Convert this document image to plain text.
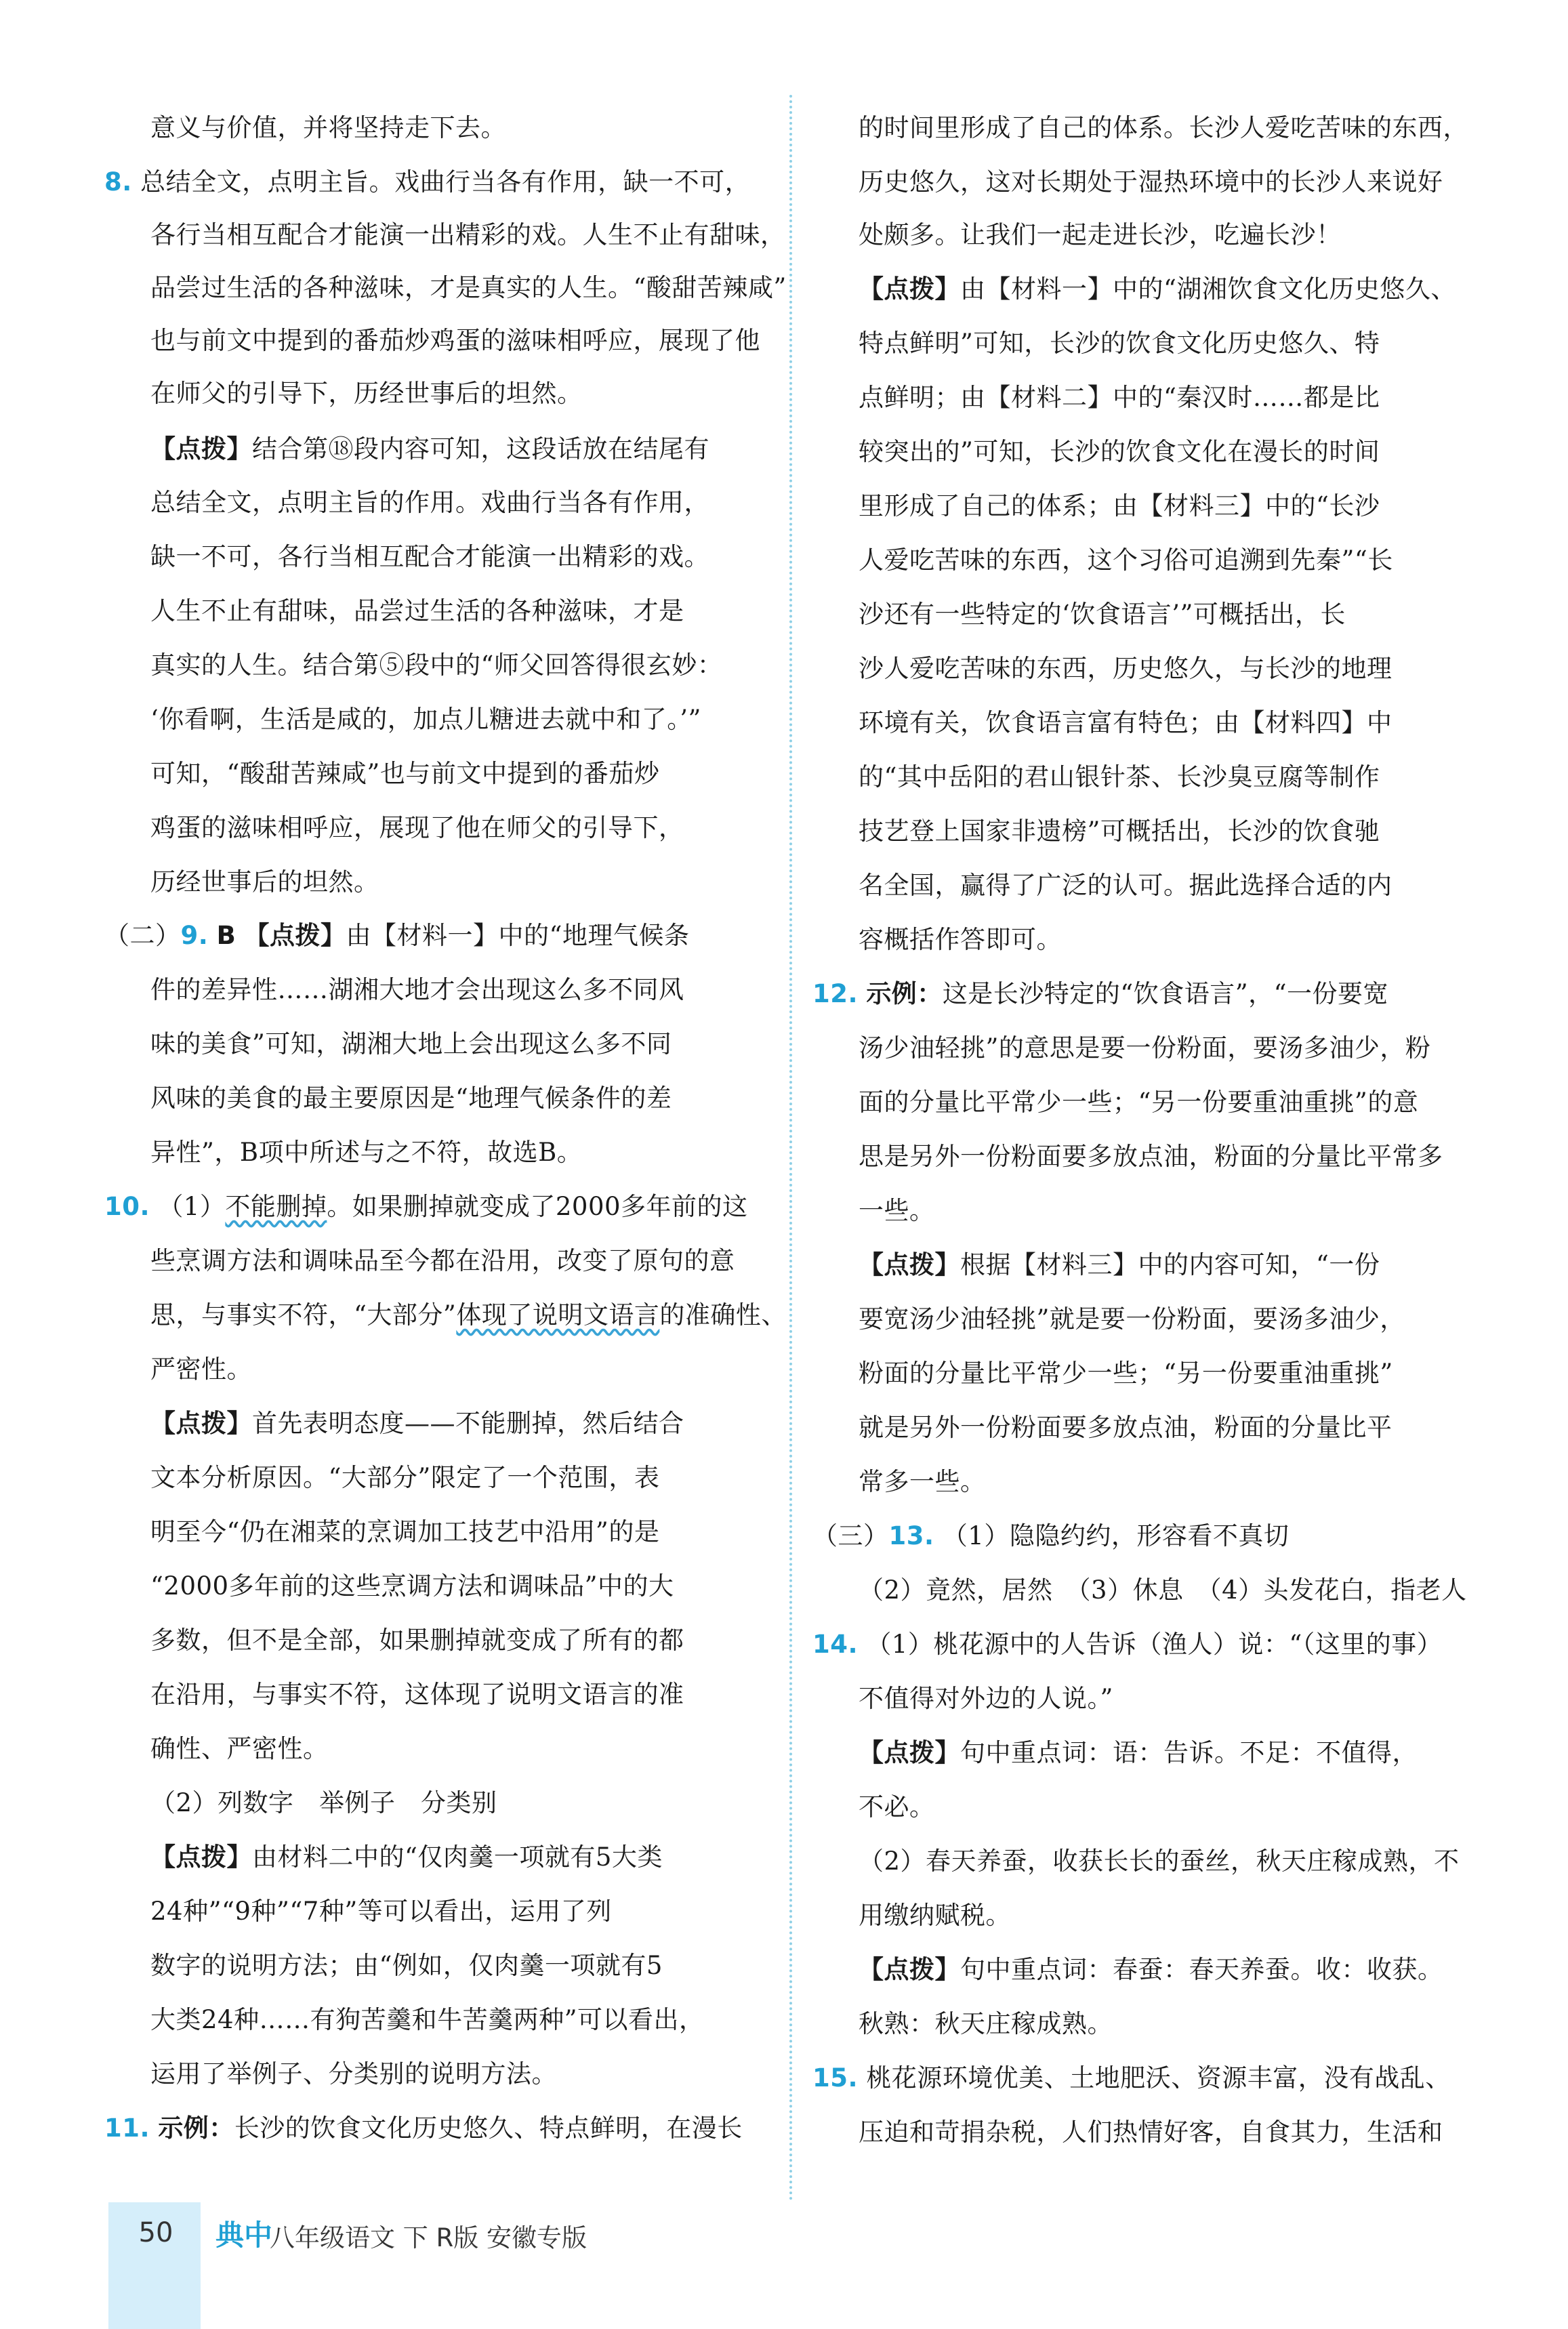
意义与价值，并将坚持走下去。
8. 总结全文，点明主旨。戏曲行当各有作用，缺一不可，
各行当相互配合才能演一出精彩的戏。人生不止有甜味，
品尝过生活的各种滋味，才是真实的人生。“酸甜苦辣咸”
也与前文中提到的番茄炒鸡蛋的滋味相呼应，展现了他
在师父的引导下，历经世事后的坦然。
【点拨】结合第⑱段内容可知，这段话放在结尾有
总结全文，点明主旨的作用。戏曲行当各有作用，
缺一不可，各行当相互配合才能演一出精彩的戏。
人生不止有甜味，品尝过生活的各种滋味，才是
真实的人生。结合第⑤段中的“师父回答得很玄妙：
‘你看啊，生活是咸的，加点儿糖进去就中和了。’”
可知，“酸甜苦辣咸”也与前文中提到的番茄炒
鸡蛋的滋味相呼应，展现了他在师父的引导下，
历经世事后的坦然。
（二）9. B 【点拨】由【材料一】中的“地理气候条
件的差异性……湖湘大地才会出现这么多不同风
味的美食”可知，湖湘大地上会出现这么多不同
风味的美食的最主要原因是“地理气候条件的差
异性”，B项中所述与之不符，故选B。
10. （1）不能删掉。如果删掉就变成了2000多年前的这
些烹调方法和调味品至今都在沿用，改变了原句的意
思，与事实不符，“大部分”体现了说明文语言的准确性、
严密性。
【点拨】首先表明态度——不能删掉，然后结合
文本分析原因。“大部分”限定了一个范围，表
明至今“仍在湘菜的烹调加工技艺中沿用”的是
“2000多年前的这些烹调方法和调味品”中的大
多数，但不是全部，如果删掉就变成了所有的都
在沿用，与事实不符，这体现了说明文语言的准
确性、严密性。
（2）列数字　举例子　分类别
【点拨】由材料二中的“仅肉羹一项就有5大类
24种”“9种”“7种”等可以看出，运用了列
数字的说明方法；由“例如，仅肉羹一项就有5
大类24种……有狗苦羹和牛苦羹两种”可以看出，
运用了举例子、分类别的说明方法。
11. 示例：长沙的饮食文化历史悠久、特点鲜明，在漫长
的时间里形成了自己的体系。长沙人爱吃苦味的东西，
历史悠久，这对长期处于湿热环境中的长沙人来说好
处颇多。让我们一起走进长沙，吃遍长沙！
【点拨】由【材料一】中的“湖湘饮食文化历史悠久、
特点鲜明”可知，长沙的饮食文化历史悠久、特
点鲜明；由【材料二】中的“秦汉时……都是比
较突出的”可知，长沙的饮食文化在漫长的时间
里形成了自己的体系；由【材料三】中的“长沙
人爱吃苦味的东西，这个习俗可追溯到先秦”“长
沙还有一些特定的‘饮食语言’”可概括出，长
沙人爱吃苦味的东西，历史悠久，与长沙的地理
环境有关，饮食语言富有特色；由【材料四】中
的“其中岳阳的君山银针茶、长沙臭豆腐等制作
技艺登上国家非遗榜”可概括出，长沙的饮食驰
名全国，赢得了广泛的认可。据此选择合适的内
容概括作答即可。
12. 示例：这是长沙特定的“饮食语言”，“一份要宽
汤少油轻挑”的意思是要一份粉面，要汤多油少，粉
面的分量比平常少一些；“另一份要重油重挑”的意
思是另外一份粉面要多放点油，粉面的分量比平常多
一些。
【点拨】根据【材料三】中的内容可知，“一份
要宽汤少油轻挑”就是要一份粉面，要汤多油少，
粉面的分量比平常少一些；“另一份要重油重挑”
就是另外一份粉面要多放点油，粉面的分量比平
常多一些。
（三）13. （1）隐隐约约，形容看不真切
（2）竟然，居然　（3）休息　（4）头发花白，指老人
14. （1）桃花源中的人告诉（渔人）说：“（这里的事）
不值得对外边的人说。”
【点拨】句中重点词：语：告诉。不足：不值得，
不必。
（2）春天养蚕，收获长长的蚕丝，秋天庄稼成熟，不
用缴纳赋税。
【点拨】句中重点词：春蚕：春天养蚕。收：收获。
秋熟：秋天庄稼成熟。
15. 桃花源环境优美、土地肥沃、资源丰富，没有战乱、
压迫和苛捐杂税，人们热情好客，自食其力，生活和
50	典中
八年级语文 下 R版 安徽专版
